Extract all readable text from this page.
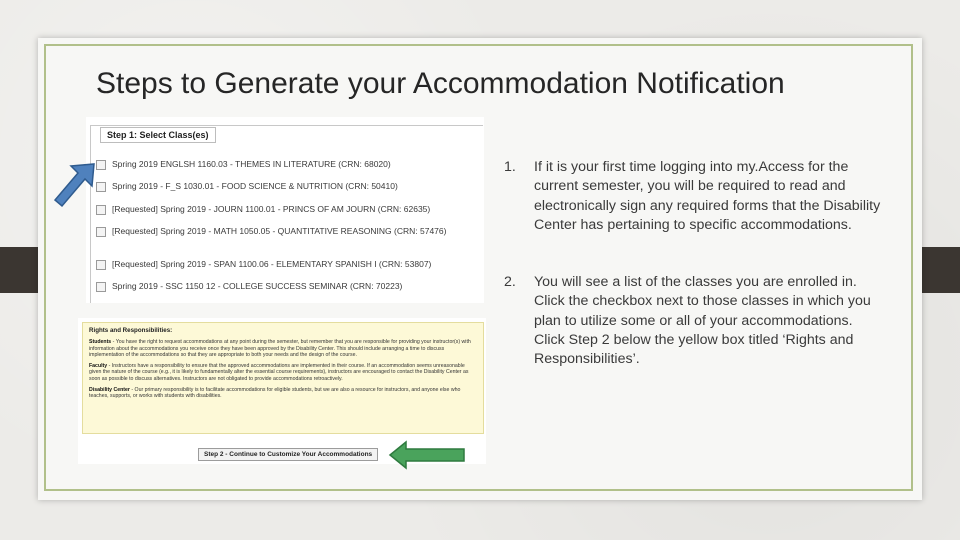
Steps to Generate your Accommodation Notification
Step 1: Select Class(es)
Spring 2019 ENGLSH 1160.03 - THEMES IN LITERATURE (CRN: 68020)
Spring 2019 - F_S 1030.01 - FOOD SCIENCE & NUTRITION (CRN: 50410)
[Requested] Spring 2019 - JOURN 1100.01 - PRINCS OF AM JOURN (CRN: 62635)
[Requested] Spring 2019 - MATH 1050.05 - QUANTITATIVE REASONING (CRN: 57476)
[Requested] Spring 2019 - SPAN 1100.06 - ELEMENTARY SPANISH I (CRN: 53807)
Spring 2019 - SSC 1150 12 - COLLEGE SUCCESS SEMINAR (CRN: 70223)
Rights and Responsibilities:

Students - You have the right to request accommodations at any point during the semester, but remember that you are responsible for providing your instructor(s) with information about the accommodations you receive once they have been approved by the Disability Center. This should include arranging a time to discuss implementation of the accommodations so that they are appropriate to both your needs and the design of the course.

Faculty - Instructors have a responsibility to ensure that the approved accommodations are implemented in their course. If an accommodation seems unreasonable given the nature of the course (e.g., it is likely to fundamentally alter the essential course requirements), instructors are encouraged to contact the Disability Center as soon as possible to discuss alternatives. Instructors are not obligated to provide accommodations retroactively.

Disability Center - Our primary responsibility is to facilitate accommodations for eligible students, but we are also a resource for instructors, and anyone else who teaches, supports, or works with students with disabilities.

Step 2 - Continue to Customize Your Accommodations
1.	If it is your first time logging into my.Access for the current semester, you will be required to read and electronically sign any required forms that the Disability Center has pertaining to specific accommodations.
2.	You will see a list of the classes you are enrolled in. Click the checkbox next to those classes in which you plan to utilize some or all of your accommodations. Click Step 2 below the yellow box titled ‘Rights and Responsibilities’.
